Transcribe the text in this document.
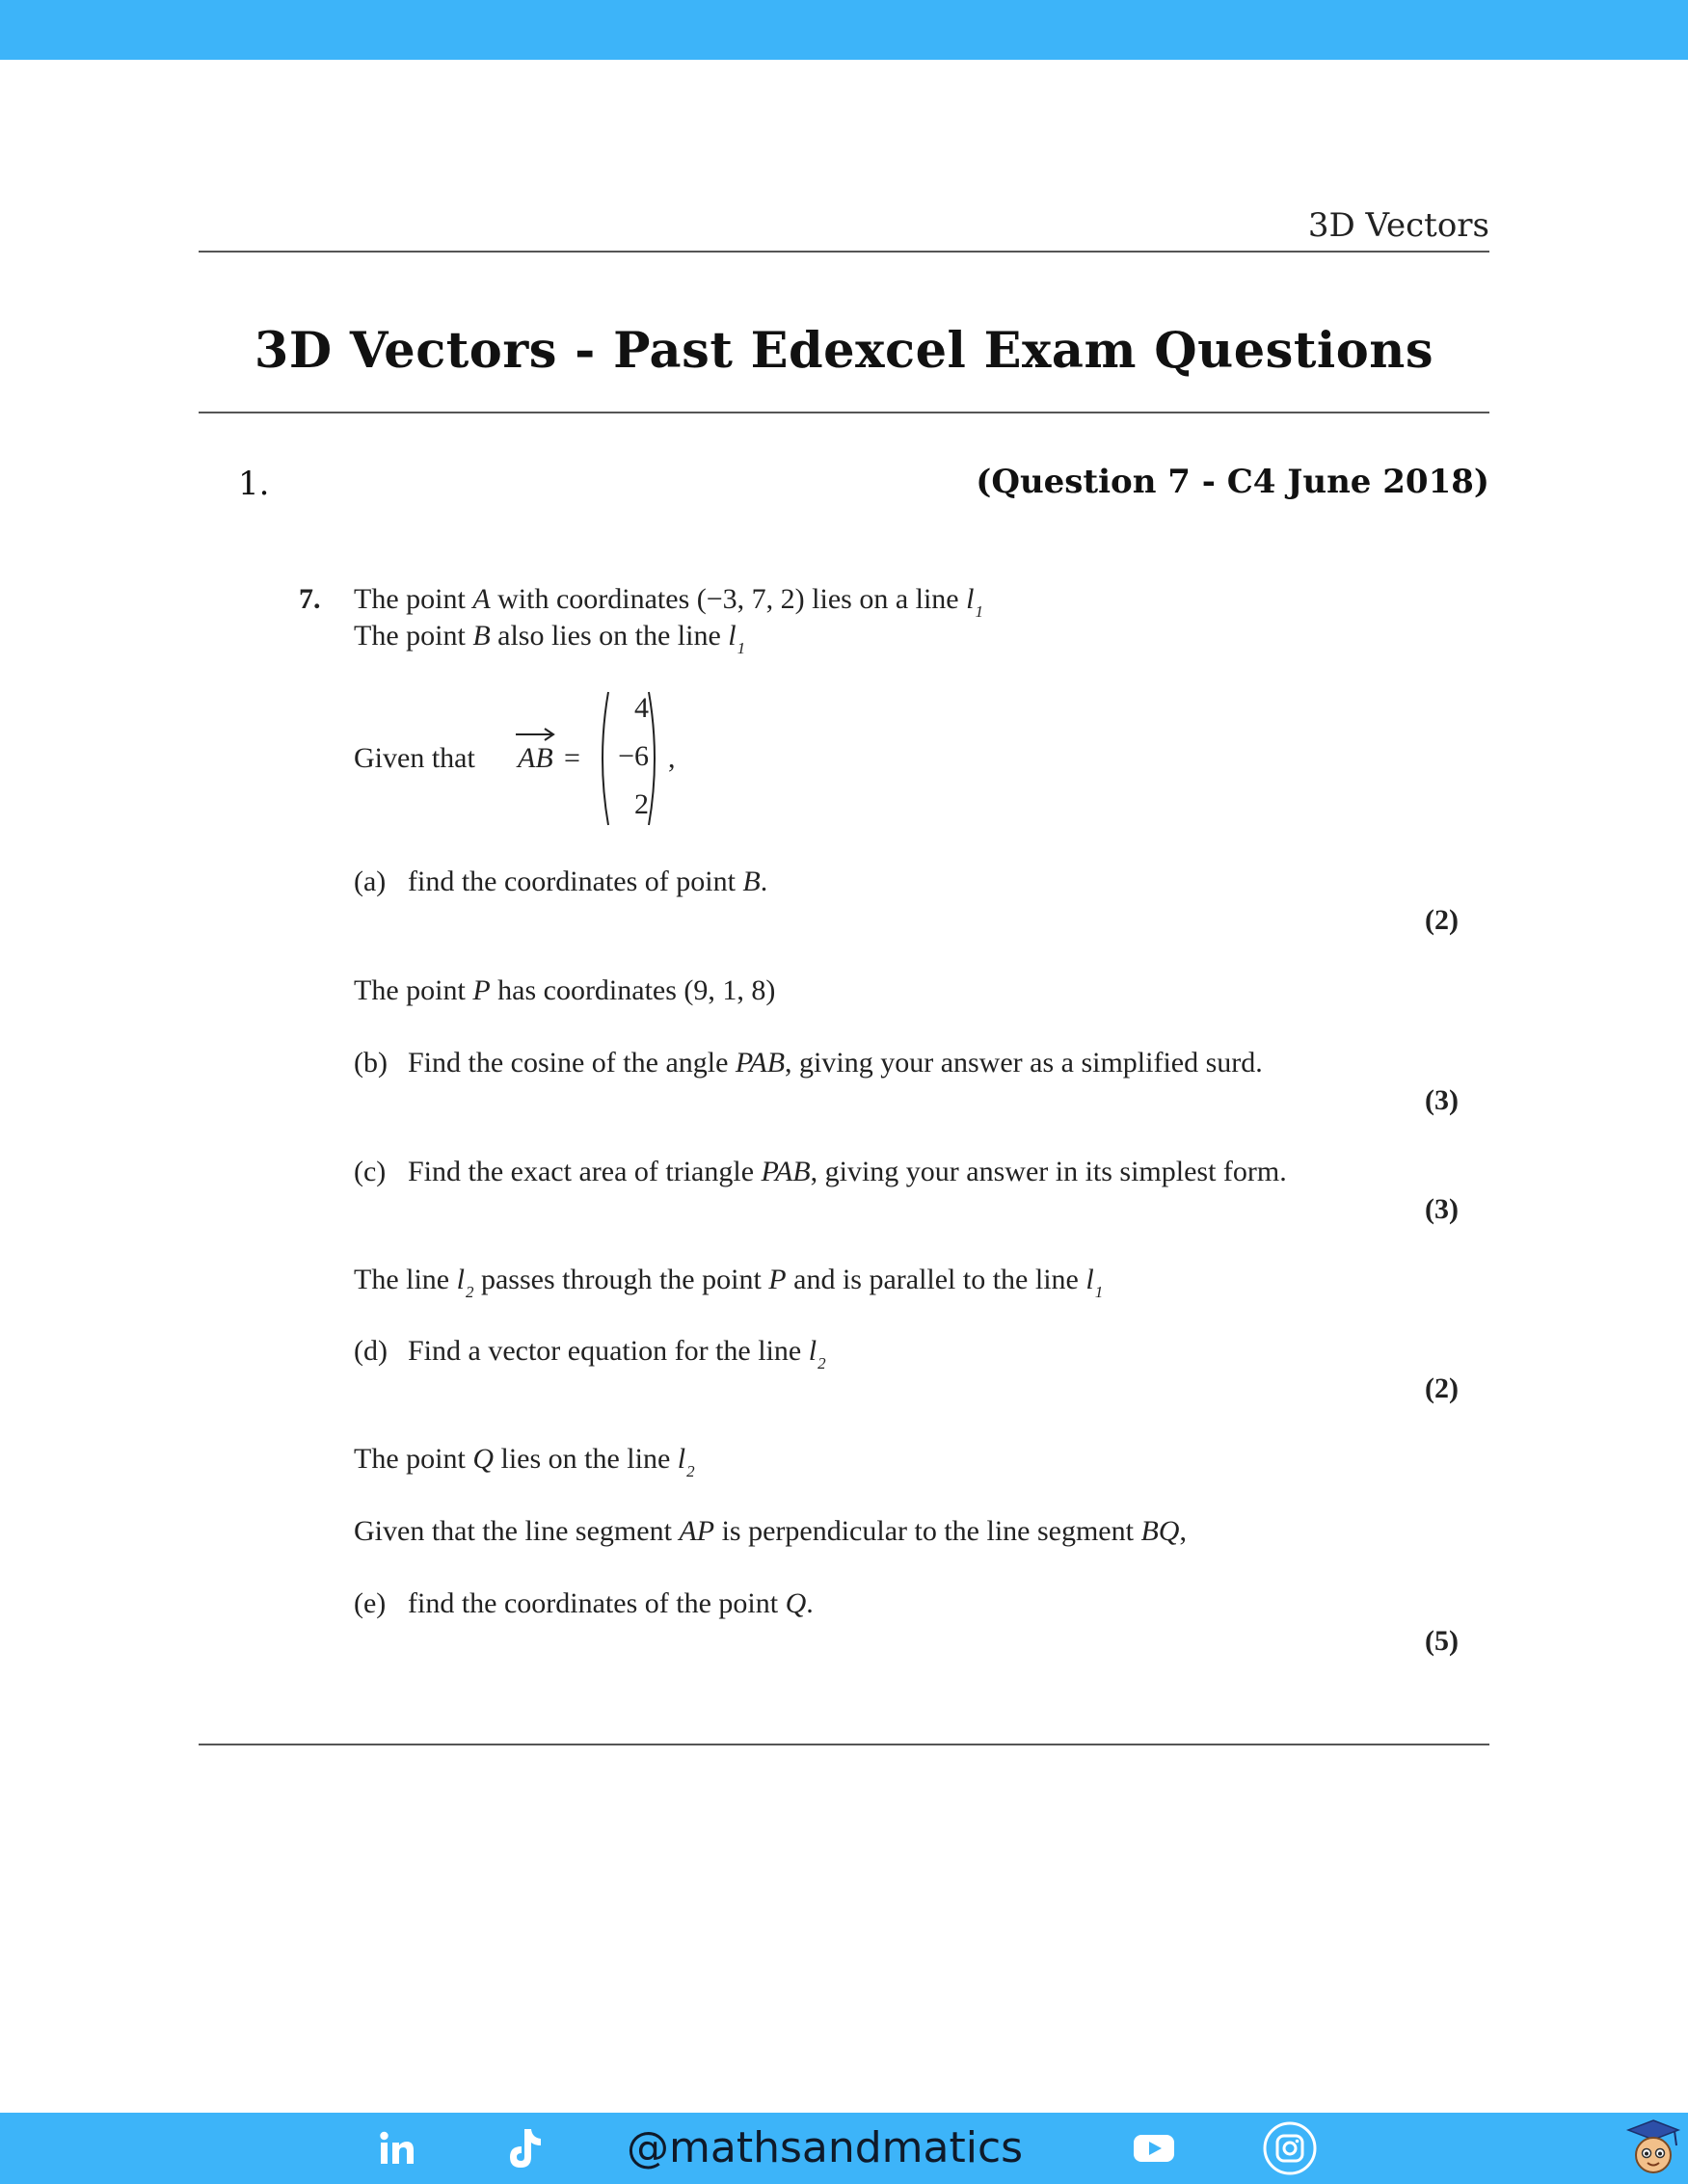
3D Vectors
3D Vectors - Past Edexcel Exam Questions
1.	(Question 7 - C4 June 2018)
7. The point A with coordinates (−3, 7, 2) lies on a line $l_1$
The point B also lies on the line $l_1$
Given that AB =
4
−6
2
,
(a) find the coordinates of point B.
(2)
The point P has coordinates (9, 1, 8)
(b) Find the cosine of the angle PAB, giving your answer as a simplified surd.
(3)
(c) Find the exact area of triangle PAB, giving your answer in its simplest form.
(3)
The line $l_2$ passes through the point P and is parallel to the line $l_1$
(d) Find a vector equation for the line $l_2$
(2)
The point Q lies on the line $l_2$
Given that the line segment AP is perpendicular to the line segment BQ,
(e) find the coordinates of the point Q.
(5)
@mathsandmatics
